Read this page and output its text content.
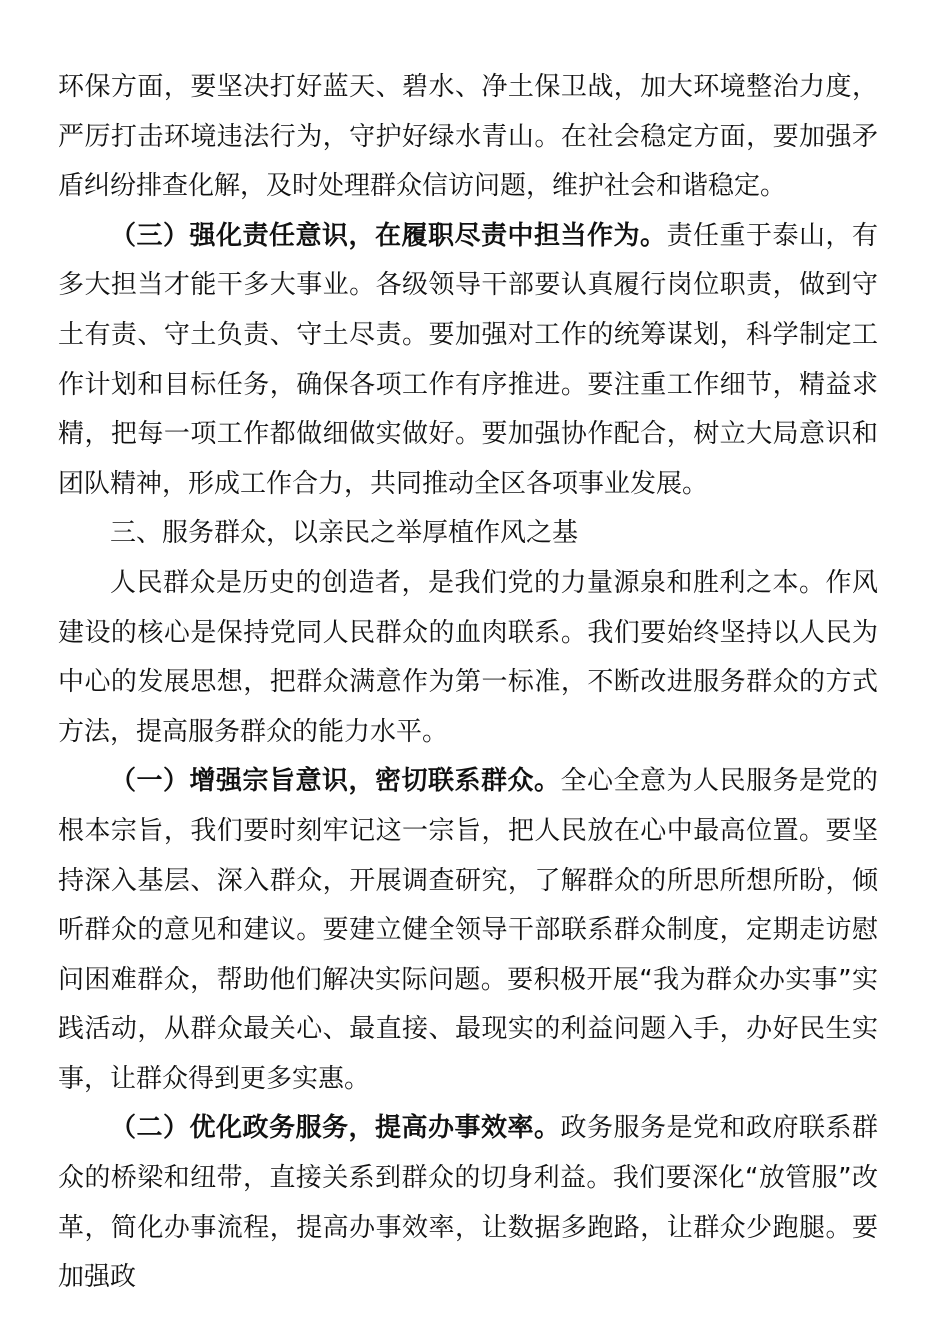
环保方面，要坚决打好蓝天、碧水、净土保卫战，加大环境整治力度，严厉打击环境违法行为，守护好绿水青山。在社会稳定方面，要加强矛盾纠纷排查化解，及时处理群众信访问题，维护社会和谐稳定。

（三）强化责任意识，在履职尽责中担当作为。责任重于泰山，有多大担当才能干多大事业。各级领导干部要认真履行岗位职责，做到守土有责、守土负责、守土尽责。要加强对工作的统筹谋划，科学制定工作计划和目标任务，确保各项工作有序推进。要注重工作细节，精益求精，把每一项工作都做细做实做好。要加强协作配合，树立大局意识和团队精神，形成工作合力，共同推动全区各项事业发展。

三、服务群众，以亲民之举厚植作风之基

人民群众是历史的创造者，是我们党的力量源泉和胜利之本。作风建设的核心是保持党同人民群众的血肉联系。我们要始终坚持以人民为中心的发展思想，把群众满意作为第一标准，不断改进服务群众的方式方法，提高服务群众的能力水平。

（一）增强宗旨意识，密切联系群众。全心全意为人民服务是党的根本宗旨，我们要时刻牢记这一宗旨，把人民放在心中最高位置。要坚持深入基层、深入群众，开展调查研究，了解群众的所思所想所盼，倾听群众的意见和建议。要建立健全领导干部联系群众制度，定期走访慰问困难群众，帮助他们解决实际问题。要积极开展“我为群众办实事”实践活动，从群众最关心、最直接、最现实的利益问题入手，办好民生实事，让群众得到更多实惠。

（二）优化政务服务，提高办事效率。政务服务是党和政府联系群众的桥梁和纽带，直接关系到群众的切身利益。我们要深化“放管服”改革，简化办事流程，提高办事效率，让数据多跑路，让群众少跑腿。要加强政
